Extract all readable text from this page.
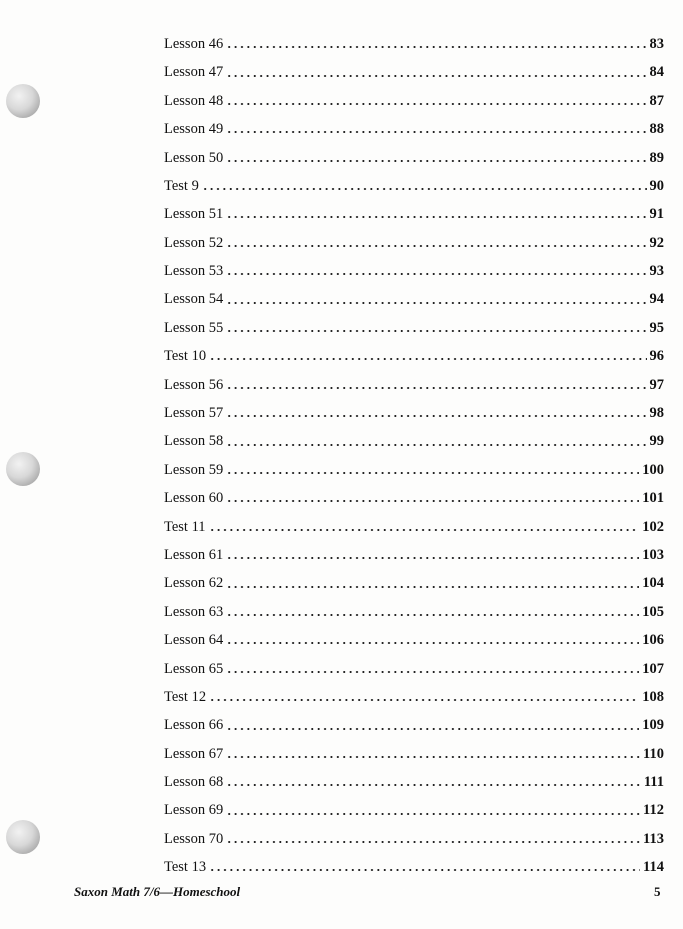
Lesson 46	83
Lesson 47	84
Lesson 48	87
Lesson 49	88
Lesson 50	89
Test 9	90
Lesson 51	91
Lesson 52	92
Lesson 53	93
Lesson 54	94
Lesson 55	95
Test 10	96
Lesson 56	97
Lesson 57	98
Lesson 58	99
Lesson 59	100
Lesson 60	101
Test 11	102
Lesson 61	103
Lesson 62	104
Lesson 63	105
Lesson 64	106
Lesson 65	107
Test 12	108
Lesson 66	109
Lesson 67	110
Lesson 68	111
Lesson 69	112
Lesson 70	113
Test 13	114
Saxon Math 7/6—Homeschool	5
